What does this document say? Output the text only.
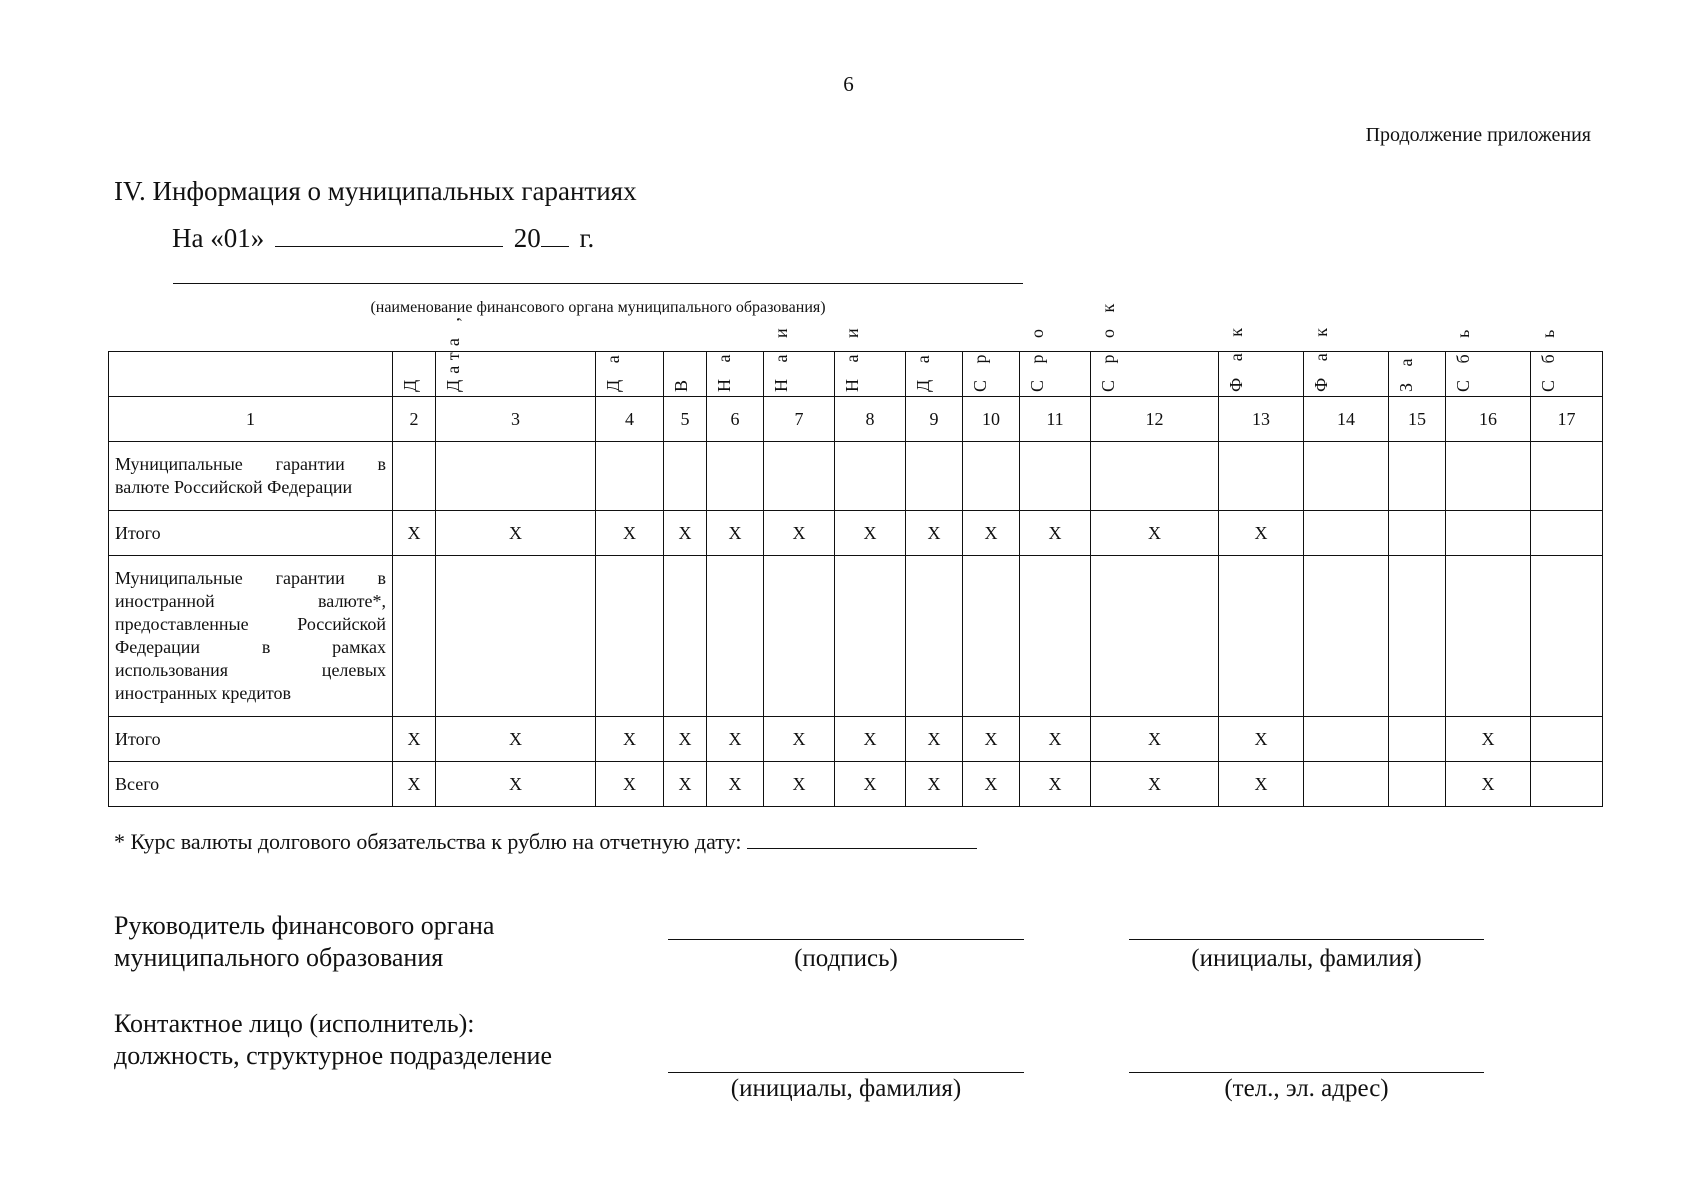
6
Продолжение приложения
IV. Информация о муниципальных гарантиях
На «01»	20 г.
(наименование финансового органа муниципального образования)

	Д	Дата ,	Д а	В	Н а	Н а и	Н а и	Д а	С р	С р о	С р о к	Ф а к	Ф а к	З а	С б ь	С б ь

1	2	3	4	5	6	7	8	9	10	11	12	13	14	15	16	17
Муниципальные гарантии в валюте Российской Федерации																
Итого	X	X	X	X	X	X	X	X	X	X	X	X				
Муниципальные гарантии в иностранной валюте*, предоставленные Российской Федерации в рамках использования целевых иностранных кредитов																
Итого	X	X	X	X	X	X	X	X	X	X	X	X			X	
Всего	X	X	X	X	X	X	X	X	X	X	X	X			X	
* Курс валюты долгового обязательства к рублю на отчетную дату:
Руководитель финансового органа
муниципального образования	(подпись)	(инициалы, фамилия)
Контактное лицо (исполнитель):
должность, структурное подразделение
(инициалы, фамилия)	(тел., эл. адрес)
